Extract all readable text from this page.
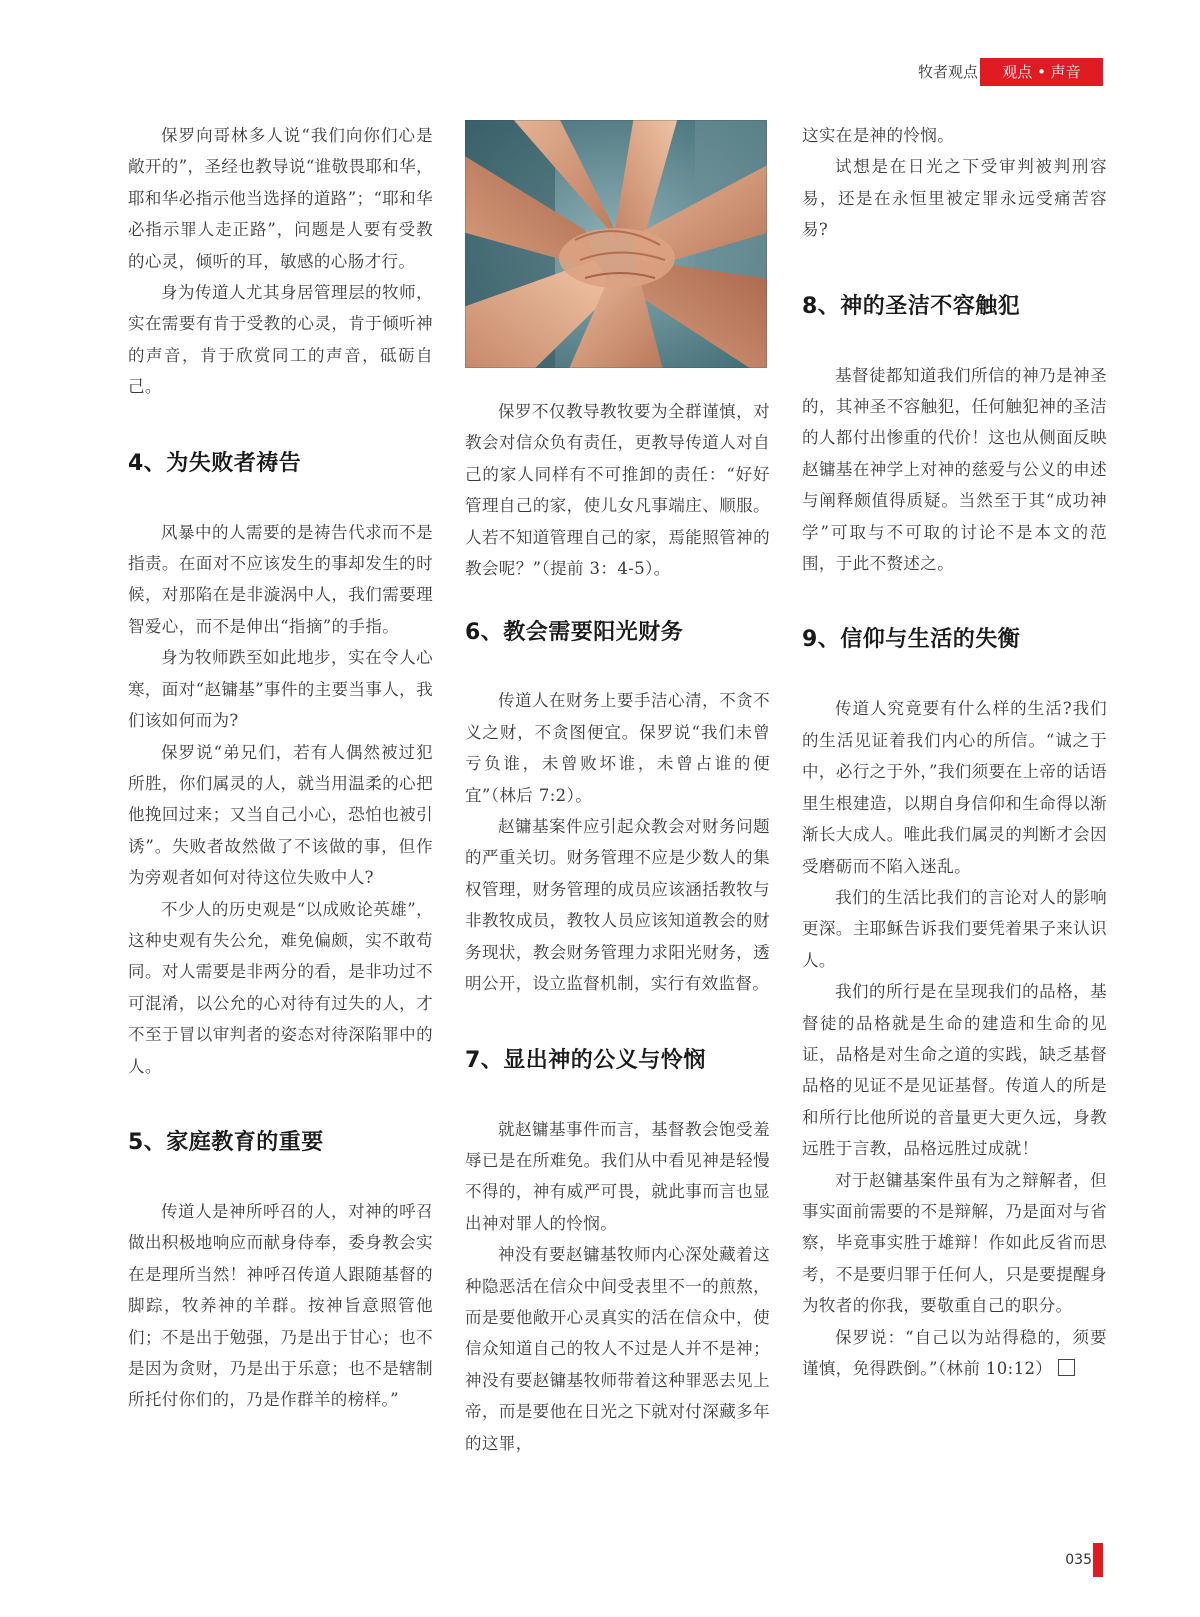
牧者观点	观点 • 声音

保罗向哥林多人说“我们向你们心是敞开的”，圣经也教导说“谁敬畏耶和华，耶和华必指示他当选择的道路”；“耶和华必指示罪人走正路”，问题是人要有受教的心灵，倾听的耳，敏感的心肠才行。

身为传道人尤其身居管理层的牧师，实在需要有肯于受教的心灵，肯于倾听神的声音，肯于欣赏同工的声音，砥砺自己。

4、为失败者祷告

风暴中的人需要的是祷告代求而不是指责。在面对不应该发生的事却发生的时候，对那陷在是非漩涡中人，我们需要理智爱心，而不是伸出“指摘”的手指。

身为牧师跌至如此地步，实在令人心寒，面对“赵镛基”事件的主要当事人，我们该如何而为?

保罗说“弟兄们，若有人偶然被过犯所胜，你们属灵的人，就当用温柔的心把他挽回过来；又当自己小心，恐怕也被引诱”。失败者故然做了不该做的事，但作为旁观者如何对待这位失败中人?

不少人的历史观是“以成败论英雄”，这种史观有失公允，难免偏颇，实不敢苟同。对人需要是非两分的看，是非功过不可混淆，以公允的心对待有过失的人，才不至于冒以审判者的姿态对待深陷罪中的人。

5、家庭教育的重要

传道人是神所呼召的人，对神的呼召做出积极地响应而献身侍奉，委身教会实在是理所当然！神呼召传道人跟随基督的脚踪，牧养神的羊群。按神旨意照管他们；不是出于勉强，乃是出于甘心；也不是因为贪财，乃是出于乐意；也不是辖制所托付你们的，乃是作群羊的榜样。”

保罗不仅教导教牧要为全群谨慎，对教会对信众负有责任，更教导传道人对自己的家人同样有不可推卸的责任：“好好管理自己的家，使儿女凡事端庄、顺服。人若不知道管理自己的家，焉能照管神的教会呢？”（提前 3：4-5）。

6、教会需要阳光财务

传道人在财务上要手洁心清，不贪不义之财，不贪图便宜。保罗说“我们未曾亏负谁，未曾败坏谁，未曾占谁的便宜”（林后 7:2）。

赵镛基案件应引起众教会对财务问题的严重关切。财务管理不应是少数人的集权管理，财务管理的成员应该涵括教牧与非教牧成员，教牧人员应该知道教会的财务现状，教会财务管理力求阳光财务，透明公开，设立监督机制，实行有效监督。

7、显出神的公义与怜悯

就赵镛基事件而言，基督教会饱受羞辱已是在所难免。我们从中看见神是轻慢不得的，神有威严可畏，就此事而言也显出神对罪人的怜悯。

神没有要赵镛基牧师内心深处藏着这种隐恶活在信众中间受表里不一的煎熬，而是要他敞开心灵真实的活在信众中，使信众知道自己的牧人不过是人并不是神；神没有要赵镛基牧师带着这种罪恶去见上帝，而是要他在日光之下就对付深藏多年的这罪，

这实在是神的怜悯。

试想是在日光之下受审判被判刑容易，还是在永恒里被定罪永远受痛苦容易?

8、神的圣洁不容触犯

基督徒都知道我们所信的神乃是神圣的，其神圣不容触犯，任何触犯神的圣洁的人都付出惨重的代价！这也从侧面反映赵镛基在神学上对神的慈爱与公义的申述与阐释颇值得质疑。当然至于其“成功神学”可取与不可取的讨论不是本文的范围，于此不赘述之。

9、信仰与生活的失衡

传道人究竟要有什么样的生活?我们的生活见证着我们内心的所信。“诚之于中，必行之于外，”我们须要在上帝的话语里生根建造，以期自身信仰和生命得以渐渐长大成人。唯此我们属灵的判断才会因受磨砺而不陷入迷乱。

我们的生活比我们的言论对人的影响更深。主耶稣告诉我们要凭着果子来认识人。

我们的所行是在呈现我们的品格，基督徒的品格就是生命的建造和生命的见证，品格是对生命之道的实践，缺乏基督品格的见证不是见证基督。传道人的所是和所行比他所说的音量更大更久远，身教远胜于言教，品格远胜过成就！

对于赵镛基案件虽有为之辩解者，但事实面前需要的不是辩解，乃是面对与省察，毕竟事实胜于雄辩！作如此反省而思考，不是要归罪于任何人，只是要提醒身为牧者的你我，要敬重自己的职分。

保罗说：“自己以为站得稳的，须要谨慎，免得跌倒。”（林前 10:12）

035
